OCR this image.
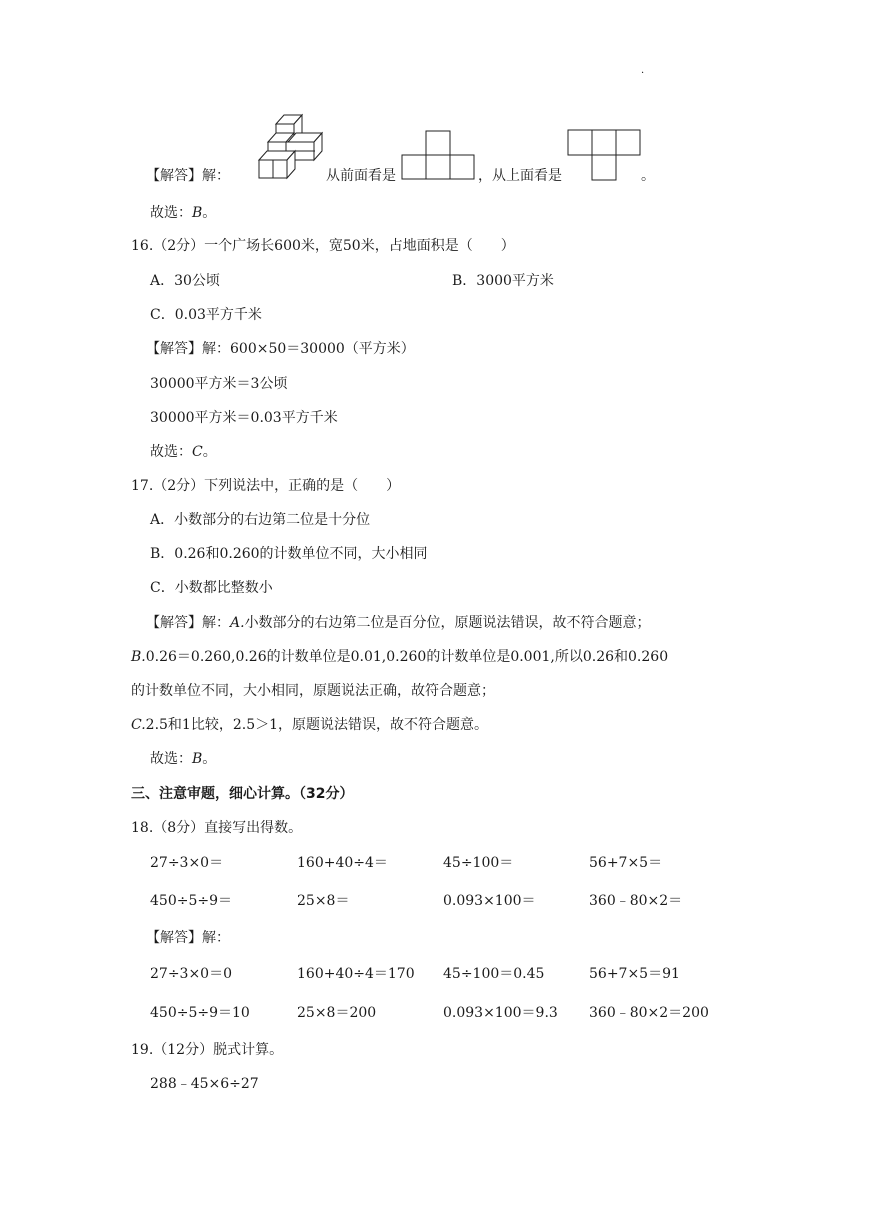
·
【解答】解：	从前面看是	，从上面看是	。
故选：B。
16.（2分）一个广场长600米，宽50米，占地面积是（　　）
A．30公顷	B．3000平方米
C．0.03平方千米
【解答】解：600×50＝30000（平方米）
30000平方米＝3公顷
30000平方米＝0.03平方千米
故选：C。
17.（2分）下列说法中，正确的是（　　）
A．小数部分的右边第二位是十分位
B．0.26和0.260的计数单位不同，大小相同
C．小数都比整数小
【解答】解：A.小数部分的右边第二位是百分位，原题说法错误，故不符合题意；
B.0.26＝0.260,0.26的计数单位是0.01,0.260的计数单位是0.001,所以0.26和0.260
的计数单位不同，大小相同，原题说法正确，故符合题意；
C.2.5和1比较，2.5＞1，原题说法错误，故不符合题意。
故选：B。
三、注意审题，细心计算。（32分）
18.（8分）直接写出得数。
27÷3×0＝	160+40÷4＝	45÷100＝	56+7×5＝
450÷5÷9＝	25×8＝	0.093×100＝	360﹣80×2＝
【解答】解：
27÷3×0＝0	160+40÷4＝170 45÷100＝0.45	56+7×5＝91
450÷5÷9＝10	25×8＝200	0.093×100＝9.3 360﹣80×2＝200
19.（12分）脱式计算。
288﹣45×6÷27
